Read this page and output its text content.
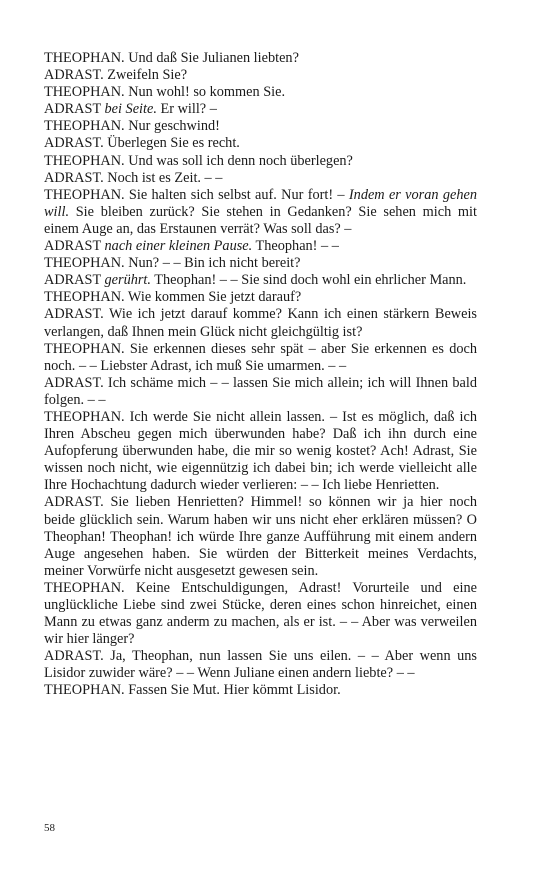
THEOPHAN. Und daß Sie Julianen liebten?

ADRAST. Zweifeln Sie?

THEOPHAN. Nun wohl! so kommen Sie.

ADRAST bei Seite. Er will? –

THEOPHAN. Nur geschwind!

ADRAST. Überlegen Sie es recht.

THEOPHAN. Und was soll ich denn noch überlegen?

ADRAST. Noch ist es Zeit. – –

THEOPHAN. Sie halten sich selbst auf. Nur fort! – Indem er voran gehen will. Sie bleiben zurück? Sie stehen in Gedanken? Sie sehen mich mit einem Auge an, das Erstaunen verrät? Was soll das? –

ADRAST nach einer kleinen Pause. Theophan! – –

THEOPHAN. Nun? – – Bin ich nicht bereit?

ADRAST gerührt. Theophan! – – Sie sind doch wohl ein ehrlicher Mann.

THEOPHAN. Wie kommen Sie jetzt darauf?

ADRAST. Wie ich jetzt darauf komme? Kann ich einen stärkern Beweis verlangen, daß Ihnen mein Glück nicht gleichgültig ist?

THEOPHAN. Sie erkennen dieses sehr spät – aber Sie erkennen es doch noch. – – Liebster Adrast, ich muß Sie umarmen. – –

ADRAST. Ich schäme mich – – lassen Sie mich allein; ich will Ihnen bald folgen. – –

THEOPHAN. Ich werde Sie nicht allein lassen. – Ist es möglich, daß ich Ihren Abscheu gegen mich überwunden habe? Daß ich ihn durch eine Aufopferung überwunden habe, die mir so wenig kostet? Ach! Adrast, Sie wissen noch nicht, wie eigennützig ich dabei bin; ich werde vielleicht alle Ihre Hochachtung dadurch wieder verlieren: – – Ich liebe Henrietten.

ADRAST. Sie lieben Henrietten? Himmel! so können wir ja hier noch beide glücklich sein. Warum haben wir uns nicht eher erklären müssen? O Theophan! Theophan! ich würde Ihre ganze Aufführung mit einem andern Auge angesehen haben. Sie würden der Bitterkeit meines Verdachts, meiner Vorwürfe nicht ausgesetzt gewesen sein.

THEOPHAN. Keine Entschuldigungen, Adrast! Vorurteile und eine unglückliche Liebe sind zwei Stücke, deren eines schon hinreichet, einen Mann zu etwas ganz anderm zu machen, als er ist. – – Aber was verweilen wir hier länger?

ADRAST. Ja, Theophan, nun lassen Sie uns eilen. – – Aber wenn uns Lisidor zuwider wäre? – – Wenn Juliane einen andern liebte? – –

THEOPHAN. Fassen Sie Mut. Hier kömmt Lisidor.

58
